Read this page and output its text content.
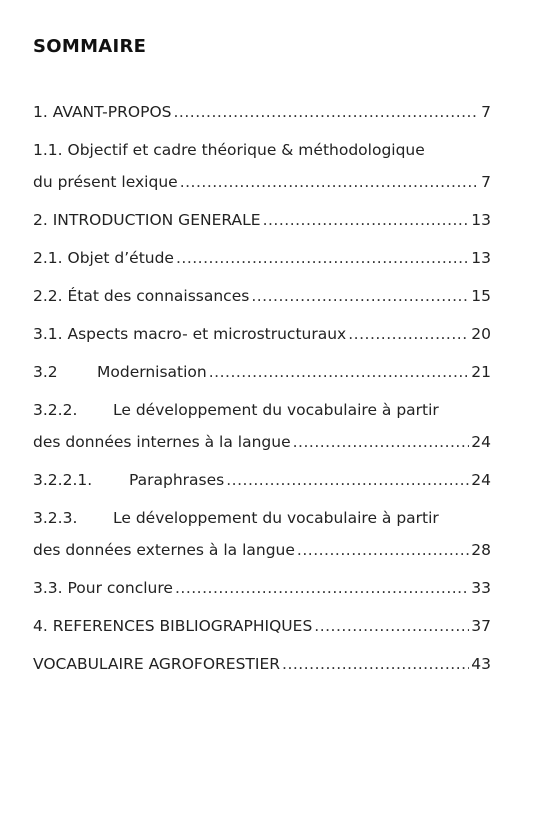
SOMMAIRE
1. AVANT-PROPOS .....	7
1.1. Objectif et cadre théorique & méthodologique
du présent lexique .....	7
2. INTRODUCTION GENERALE .....	13
2.1. Objet d’étude .....	13
2.2. État des connaissances .....	15
3.1. Aspects macro- et microstructuraux .....	20
3.2	Modernisation .....	21
3.2.2. Le développement du vocabulaire à partir
des données internes à la langue .....	24
3.2.2.1. Paraphrases .....	24
3.2.3. Le développement du vocabulaire à partir
des données externes à la langue .....	28
3.3. Pour conclure .....	33
4. REFERENCES BIBLIOGRAPHIQUES .....	37
VOCABULAIRE AGROFORESTIER .....	43
